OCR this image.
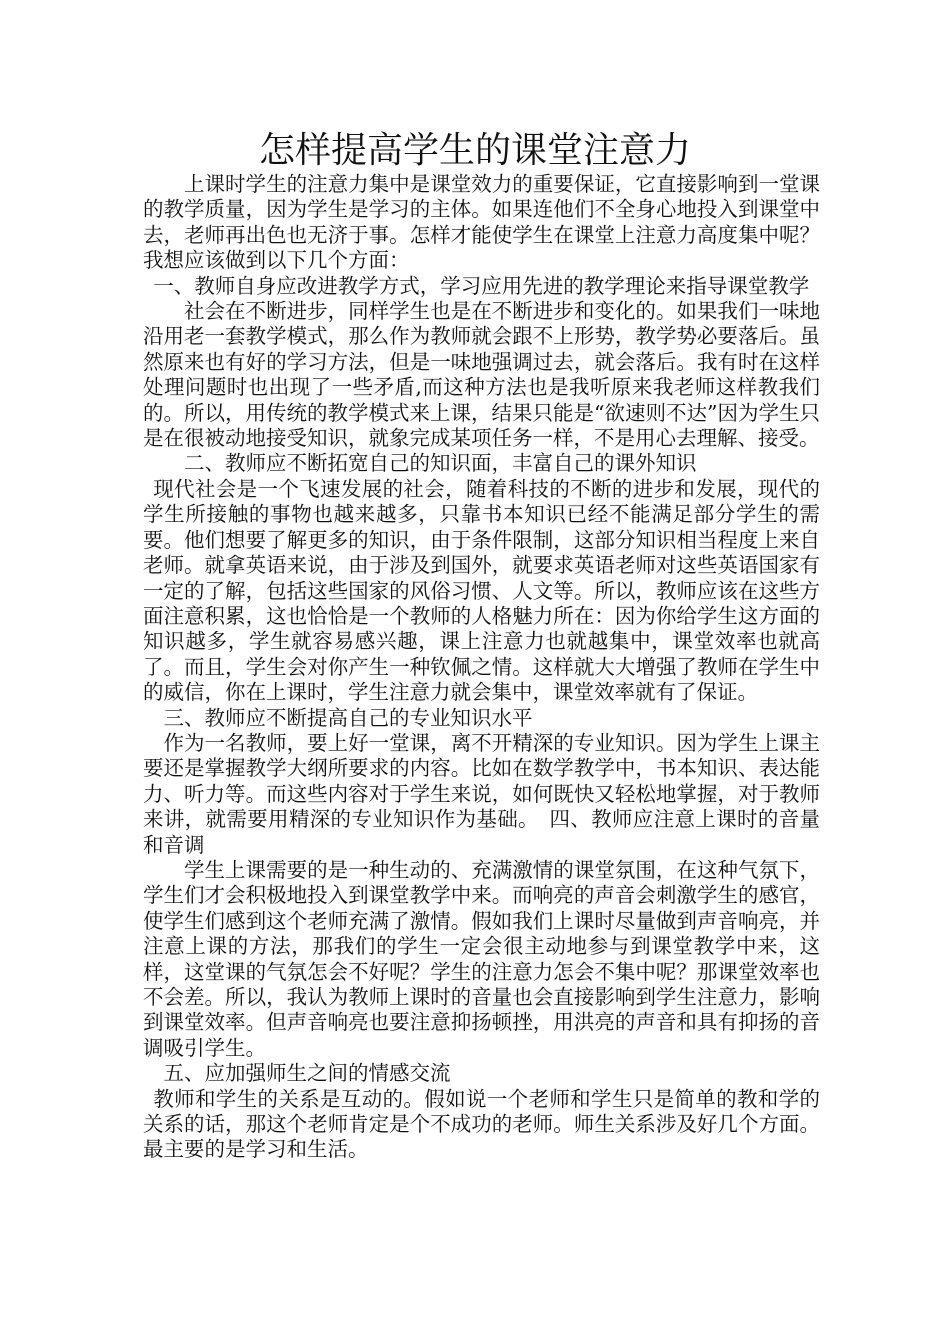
怎样提高学生的课堂注意力

上课时学生的注意力集中是课堂效力的重要保证，它直接影响到一堂课的教学质量，因为学生是学习的主体。如果连他们不全身心地投入到课堂中去，老师再出色也无济于事。怎样才能使学生在课堂上注意力高度集中呢？我想应该做到以下几个方面：

一、教师自身应改进教学方式，学习应用先进的教学理论来指导课堂教学

社会在不断进步，同样学生也是在不断进步和变化的。如果我们一味地沿用老一套教学模式，那么作为教师就会跟不上形势，教学势必要落后。虽然原来也有好的学习方法，但是一味地强调过去，就会落后。我有时在这样处理问题时也出现了一些矛盾,而这种方法也是我听原来我老师这样教我们的。所以，用传统的教学模式来上课，结果只能是“欲速则不达”因为学生只是在很被动地接受知识，就象完成某项任务一样，不是用心去理解、接受。

二、教师应不断拓宽自己的知识面，丰富自己的课外知识

现代社会是一个飞速发展的社会，随着科技的不断的进步和发展，现代的学生所接触的事物也越来越多，只靠书本知识已经不能满足部分学生的需要。他们想要了解更多的知识，由于条件限制，这部分知识相当程度上来自老师。就拿英语来说，由于涉及到国外，就要求英语老师对这些英语国家有一定的了解，包括这些国家的风俗习惯、人文等。所以，教师应该在这些方面注意积累，这也恰恰是一个教师的人格魅力所在：因为你给学生这方面的知识越多，学生就容易感兴趣，课上注意力也就越集中，课堂效率也就高了。而且，学生会对你产生一种钦佩之情。这样就大大增强了教师在学生中的威信，你在上课时，学生注意力就会集中，课堂效率就有了保证。

三、教师应不断提高自己的专业知识水平

作为一名教师，要上好一堂课，离不开精深的专业知识。因为学生上课主要还是掌握教学大纲所要求的内容。比如在数学教学中，书本知识、表达能力、听力等。而这些内容对于学生来说，如何既快又轻松地掌握，对于教师来讲，就需要用精深的专业知识作为基础。　四、教师应注意上课时的音量和音调

学生上课需要的是一种生动的、充满激情的课堂氛围，在这种气氛下，学生们才会积极地投入到课堂教学中来。而响亮的声音会刺激学生的感官，使学生们感到这个老师充满了激情。假如我们上课时尽量做到声音响亮，并注意上课的方法，那我们的学生一定会很主动地参与到课堂教学中来，这样，这堂课的气氛怎会不好呢？学生的注意力怎会不集中呢？那课堂效率也不会差。所以，我认为教师上课时的音量也会直接影响到学生注意力，影响到课堂效率。但声音响亮也要注意抑扬顿挫，用洪亮的声音和具有抑扬的音调吸引学生。

五、应加强师生之间的情感交流

教师和学生的关系是互动的。假如说一个老师和学生只是简单的教和学的关系的话，那这个老师肯定是个不成功的老师。师生关系涉及好几个方面。最主要的是学习和生活。
